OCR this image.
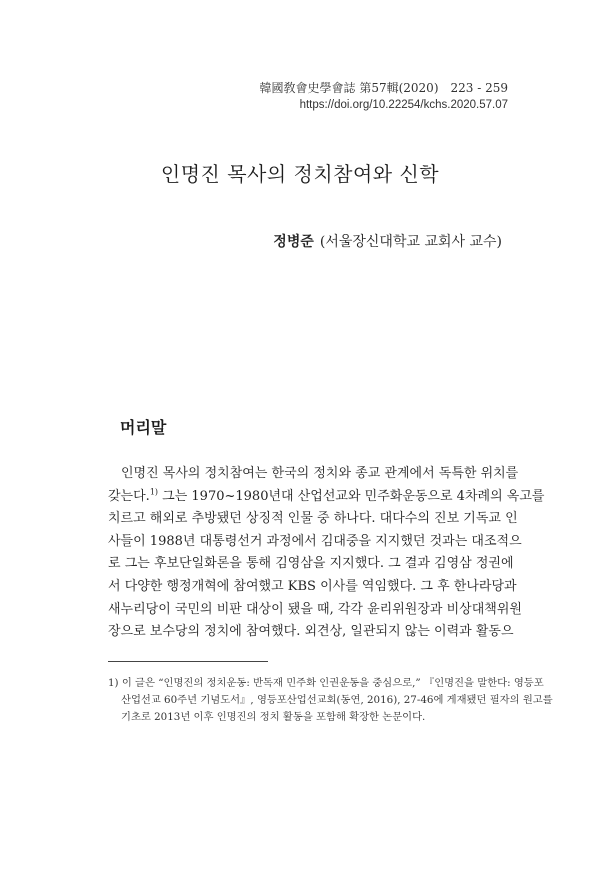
韓國敎會史學會誌 第57輯(2020)　223 - 259
https://doi.org/10.22254/kchs.2020.57.07
인명진 목사의 정치참여와 신학
정병준 (서울장신대학교 교회사 교수)
머리말
인명진 목사의 정치참여는 한국의 정치와 종교 관계에서 독특한 위치를
갖는다.$^{1)}$ 그는 1970~1980년대 산업선교와 민주화운동으로 4차례의 옥고를
치르고 해외로 추방됐던 상징적 인물 중 하나다. 대다수의 진보 기독교 인
사들이 1988년 대통령선거 과정에서 김대중을 지지했던 것과는 대조적으
로 그는 후보단일화론을 통해 김영삼을 지지했다. 그 결과 김영삼 정권에
서 다양한 행정개혁에 참여했고 KBS 이사를 역임했다. 그 후 한나라당과
새누리당이 국민의 비판 대상이 됐을 때, 각각 윤리위원장과 비상대책위원
장으로 보수당의 정치에 참여했다. 외견상, 일관되지 않는 이력과 활동으
1) 이 글은 “인명진의 정치운동: 반독재 민주화 인권운동을 중심으로,” 『인명진을 말한다: 영등포
산업선교 60주년 기념도서』, 영등포산업선교회(동연, 2016), 27-46에 게재됐던 필자의 원고를
기초로 2013년 이후 인명진의 정치 활동을 포함해 확장한 논문이다.
